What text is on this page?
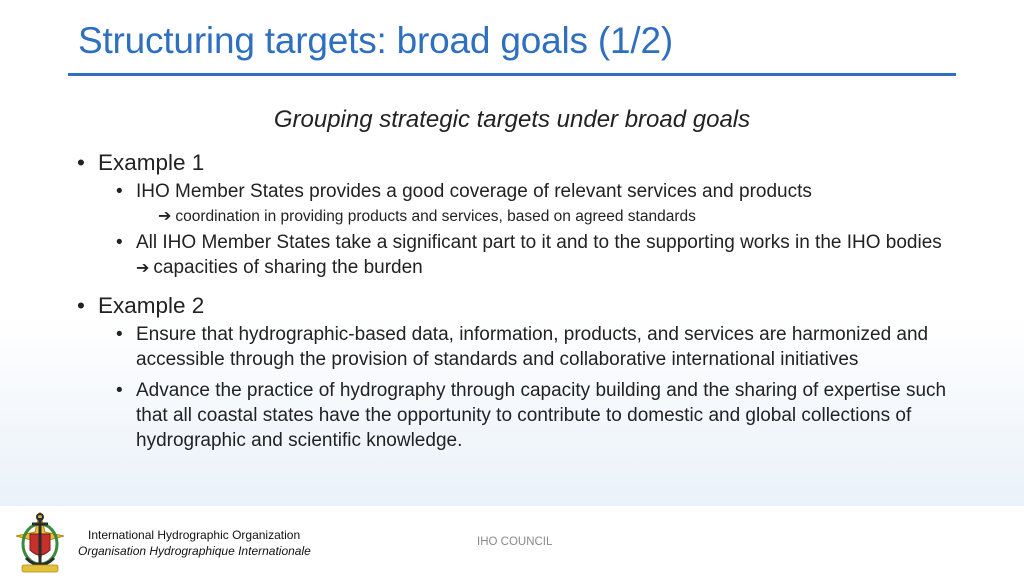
Structuring targets: broad goals (1/2)
Grouping strategic targets under broad goals
• Example 1
• IHO Member States provides a good coverage of relevant services and products
➔ coordination in providing products and services, based on agreed standards
• All IHO Member States take a significant part to it and to the supporting works in the IHO bodies ➔ capacities of sharing the burden
• Example 2
• Ensure that hydrographic-based data, information, products, and services are harmonized and accessible through the provision of standards and collaborative international initiatives
• Advance the practice of hydrography through capacity building and the sharing of expertise such that all coastal states have the opportunity to contribute to domestic and global collections of hydrographic and scientific knowledge.
International Hydrographic Organization
Organisation Hydrographique Internationale
IHO COUNCIL
